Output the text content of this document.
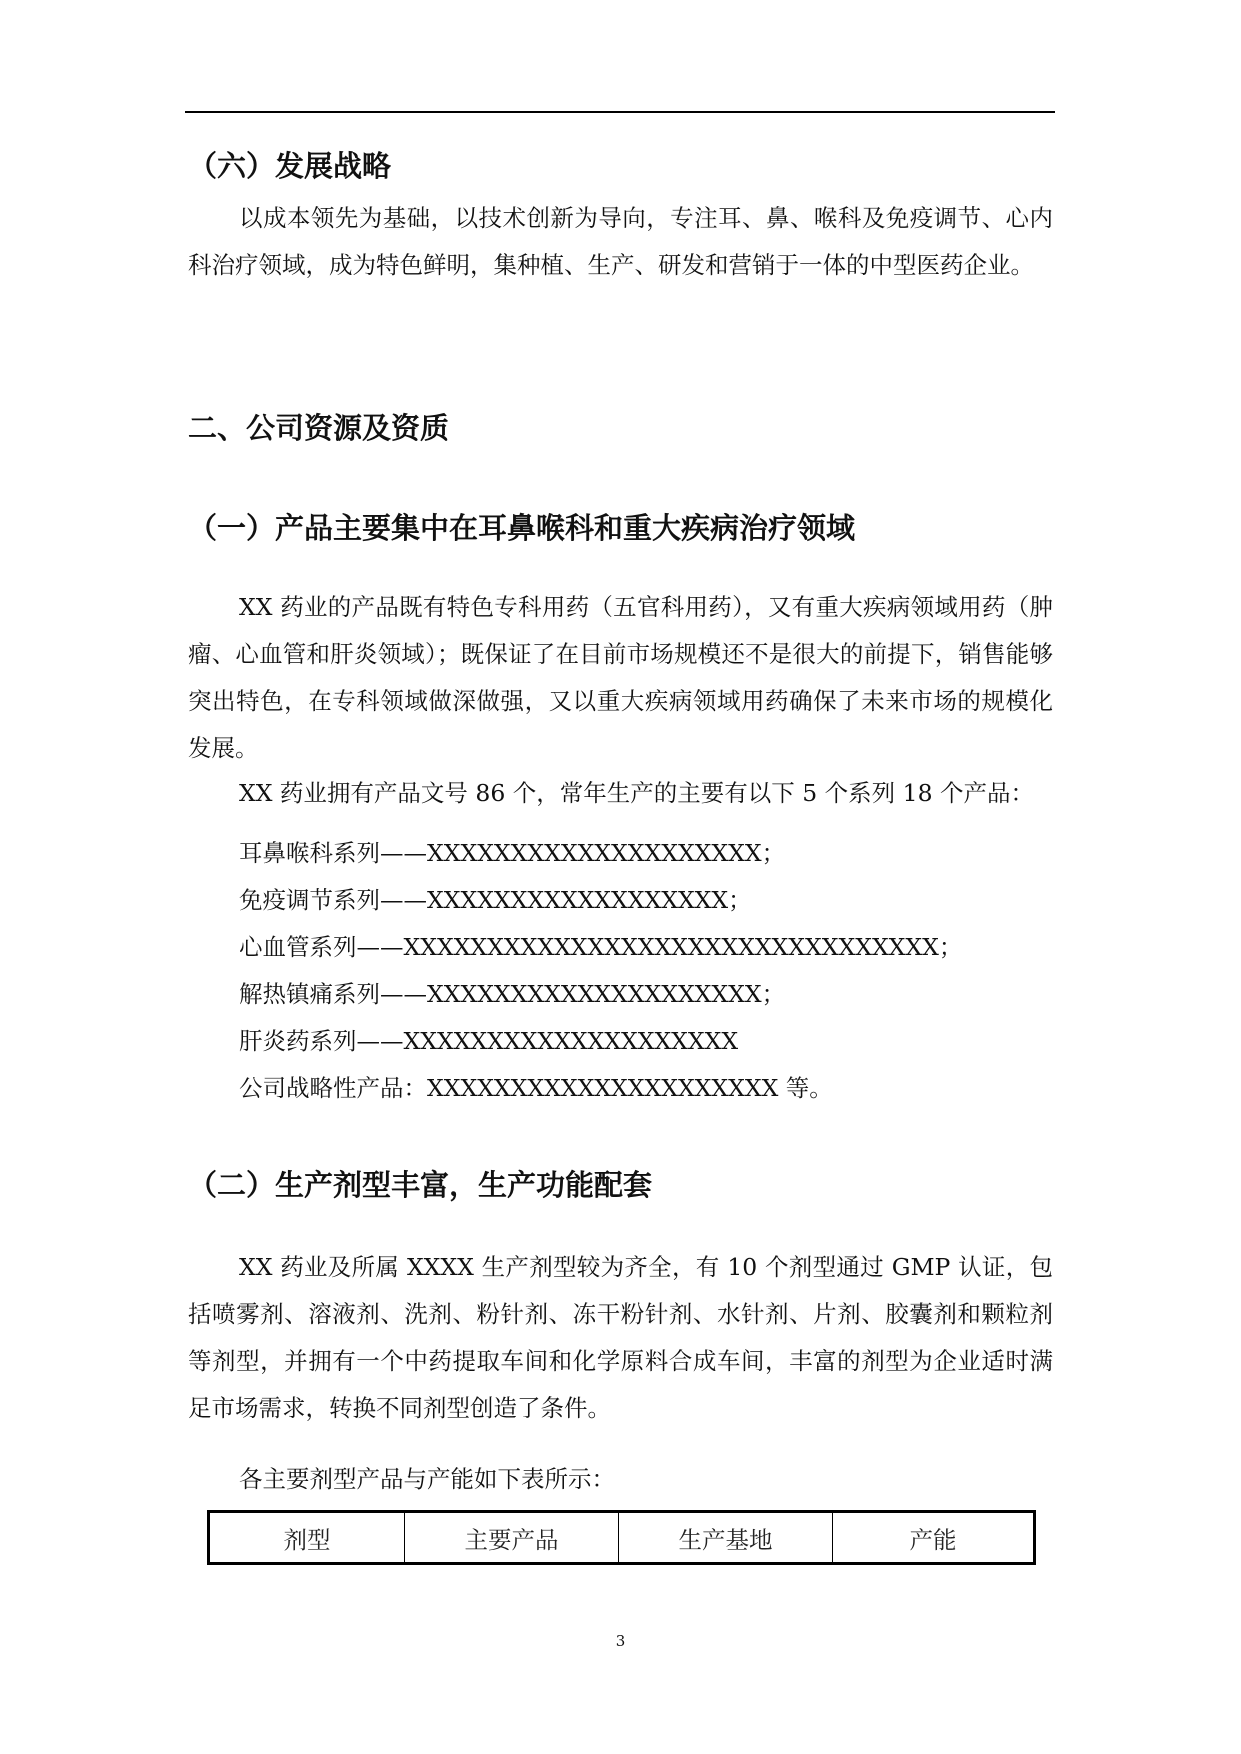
（六）发展战略

以成本领先为基础，以技术创新为导向，专注耳、鼻、喉科及免疫调节、心内科治疗领域，成为特色鲜明，集种植、生产、研发和营销于一体的中型医药企业。

二、公司资源及资质
（一）产品主要集中在耳鼻喉科和重大疾病治疗领域

XX 药业的产品既有特色专科用药（五官科用药），又有重大疾病领域用药（肿瘤、心血管和肝炎领域）；既保证了在目前市场规模还不是很大的前提下，销售能够突出特色，在专科领域做深做强，又以重大疾病领域用药确保了未来市场的规模化发展。

XX 药业拥有产品文号 86 个，常年生产的主要有以下 5 个系列 18 个产品：

耳鼻喉科系列——XXXXXXXXXXXXXXXXXXXX；
免疫调节系列——XXXXXXXXXXXXXXXXXX；
心血管系列——XXXXXXXXXXXXXXXXXXXXXXXXXXXXXXXX；
解热镇痛系列——XXXXXXXXXXXXXXXXXXXX；
肝炎药系列——XXXXXXXXXXXXXXXXXXXX
公司战略性产品：XXXXXXXXXXXXXXXXXXXXX 等。
（二）生产剂型丰富，生产功能配套

XX 药业及所属 XXXX 生产剂型较为齐全，有 10 个剂型通过 GMP 认证，包括喷雾剂、溶液剂、洗剂、粉针剂、冻干粉针剂、水针剂、片剂、胶囊剂和颗粒剂等剂型，并拥有一个中药提取车间和化学原料合成车间，丰富的剂型为企业适时满足市场需求，转换不同剂型创造了条件。

各主要剂型产品与产能如下表所示：

剂型	主要产品	生产基地	产能
3
